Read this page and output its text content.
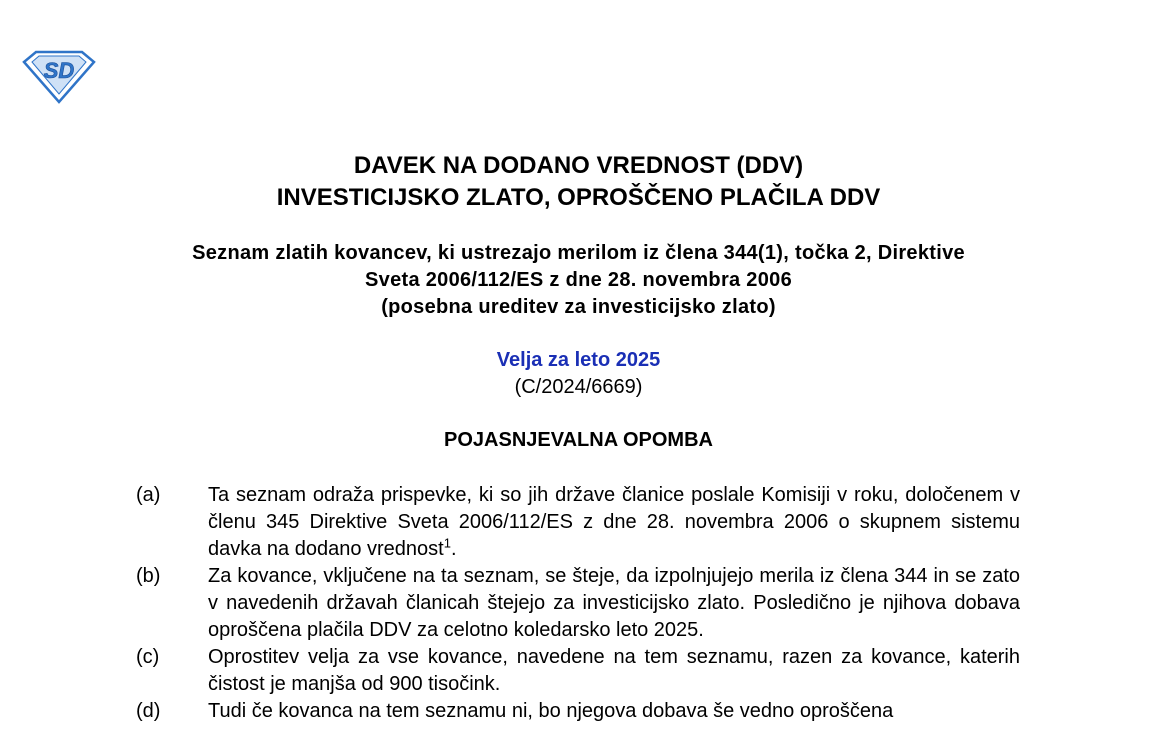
SD
DAVEK NA DODANO VREDNOST (DDV)
INVESTICIJSKO ZLATO, OPROŠČENO PLAČILA DDV
Seznam zlatih kovancev, ki ustrezajo merilom iz člena 344(1), točka 2, Direktive
Sveta 2006/112/ES z dne 28. novembra 2006
(posebna ureditev za investicijsko zlato)
Velja za leto 2025
(C/2024/6669)
POJASNJEVALNA OPOMBA
(a)	Ta seznam odraža prispevke, ki so jih države članice poslale Komisiji v roku, določenem v členu 345 Direktive Sveta 2006/112/ES z dne 28. novembra 2006 o skupnem sistemu davka na dodano vrednost$^1$.
(b)	Za kovance, vključene na ta seznam, se šteje, da izpolnjujejo merila iz člena 344 in se zato v navedenih državah članicah štejejo za investicijsko zlato. Posledično je njihova dobava oproščena plačila DDV za celotno koledarsko leto 2025.
(c)	Oprostitev velja za vse kovance, navedene na tem seznamu, razen za kovance, katerih čistost je manjša od 900 tisočink.
(d)	Tudi če kovanca na tem seznamu ni, bo njegova dobava še vedno oproščena
